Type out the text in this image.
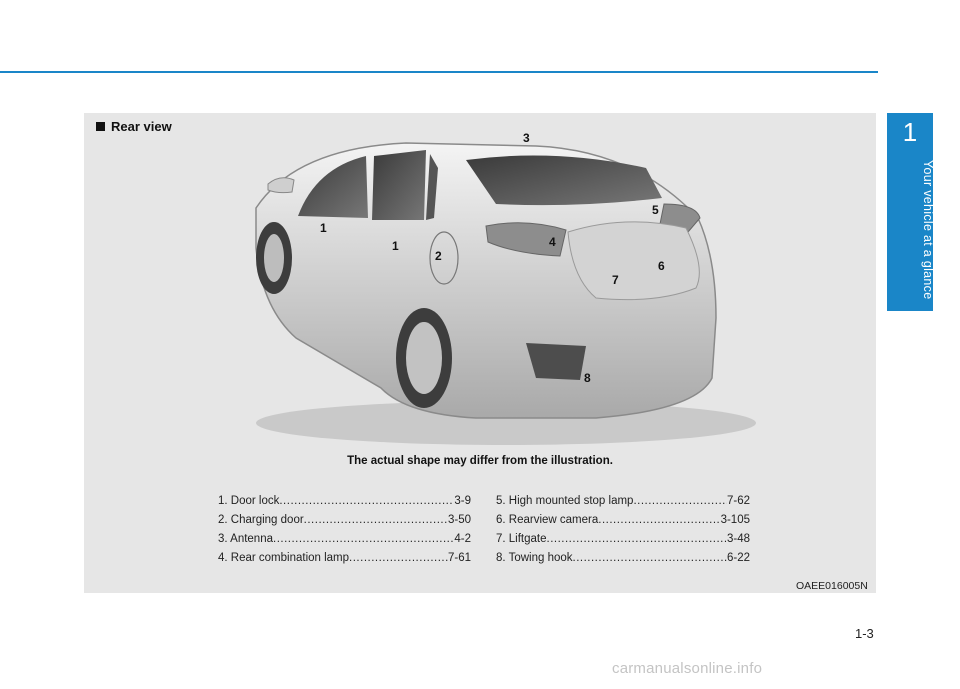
1
Your vehicle at a glance
Rear view
1
1
2
3
4
5
6
7
8
The actual shape may differ from the illustration.
1. Door lock .....	3-9
2. Charging door .....	3-50
3. Antenna .....	4-2
4. Rear combination lamp .....	7-61
5. High mounted stop lamp .....	7-62
6. Rearview camera .....	3-105
7. Liftgate .....	3-48
8. Towing hook .....	6-22
OAEE016005N
1-3
carmanualsonline.info
